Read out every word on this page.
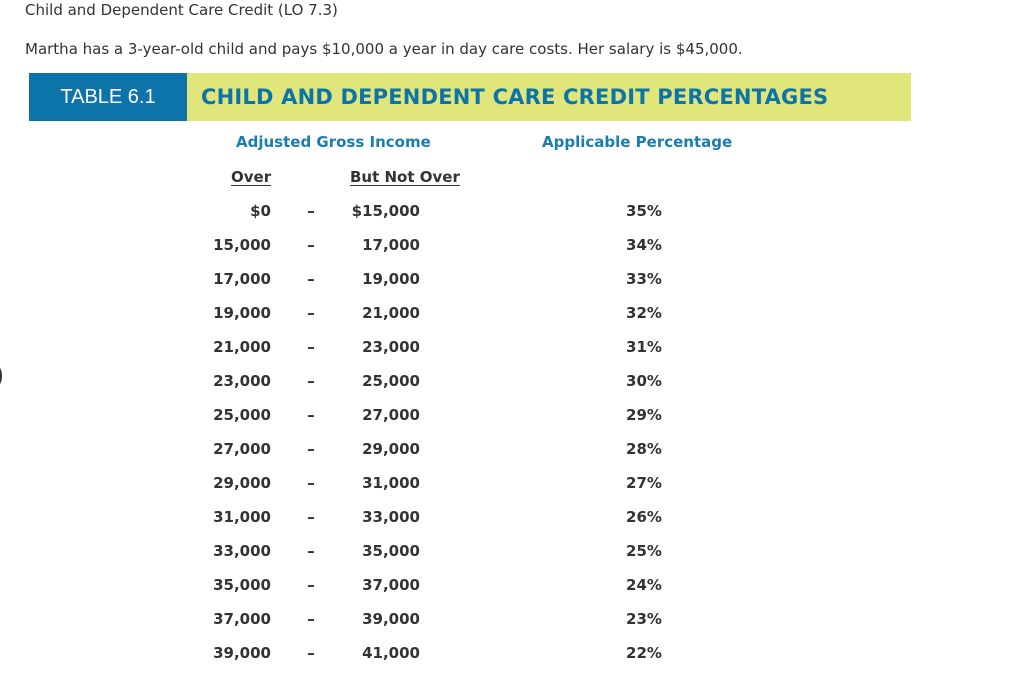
Child and Dependent Care Credit (LO 7.3)
Martha has a 3-year-old child and pays $10,000 a year in day care costs. Her salary is $45,000.
TABLE 6.1	CHILD AND DEPENDENT CARE CREDIT PERCENTAGES
Adjusted Gross Income	Applicable Percentage
Over	But Not Over
$0 – $15,000	35%
15,000 –	17,000	34%
17,000 –	19,000	33%
19,000 –	21,000	32%
21,000 –	23,000	31%
23,000 –	25,000	30%
25,000 –	27,000	29%
27,000 –	29,000	28%
29,000 –	31,000	27%
31,000 –	33,000	26%
33,000 –	35,000	25%
35,000 –	37,000	24%
37,000 –	39,000	23%
39,000 –	41,000	22%
